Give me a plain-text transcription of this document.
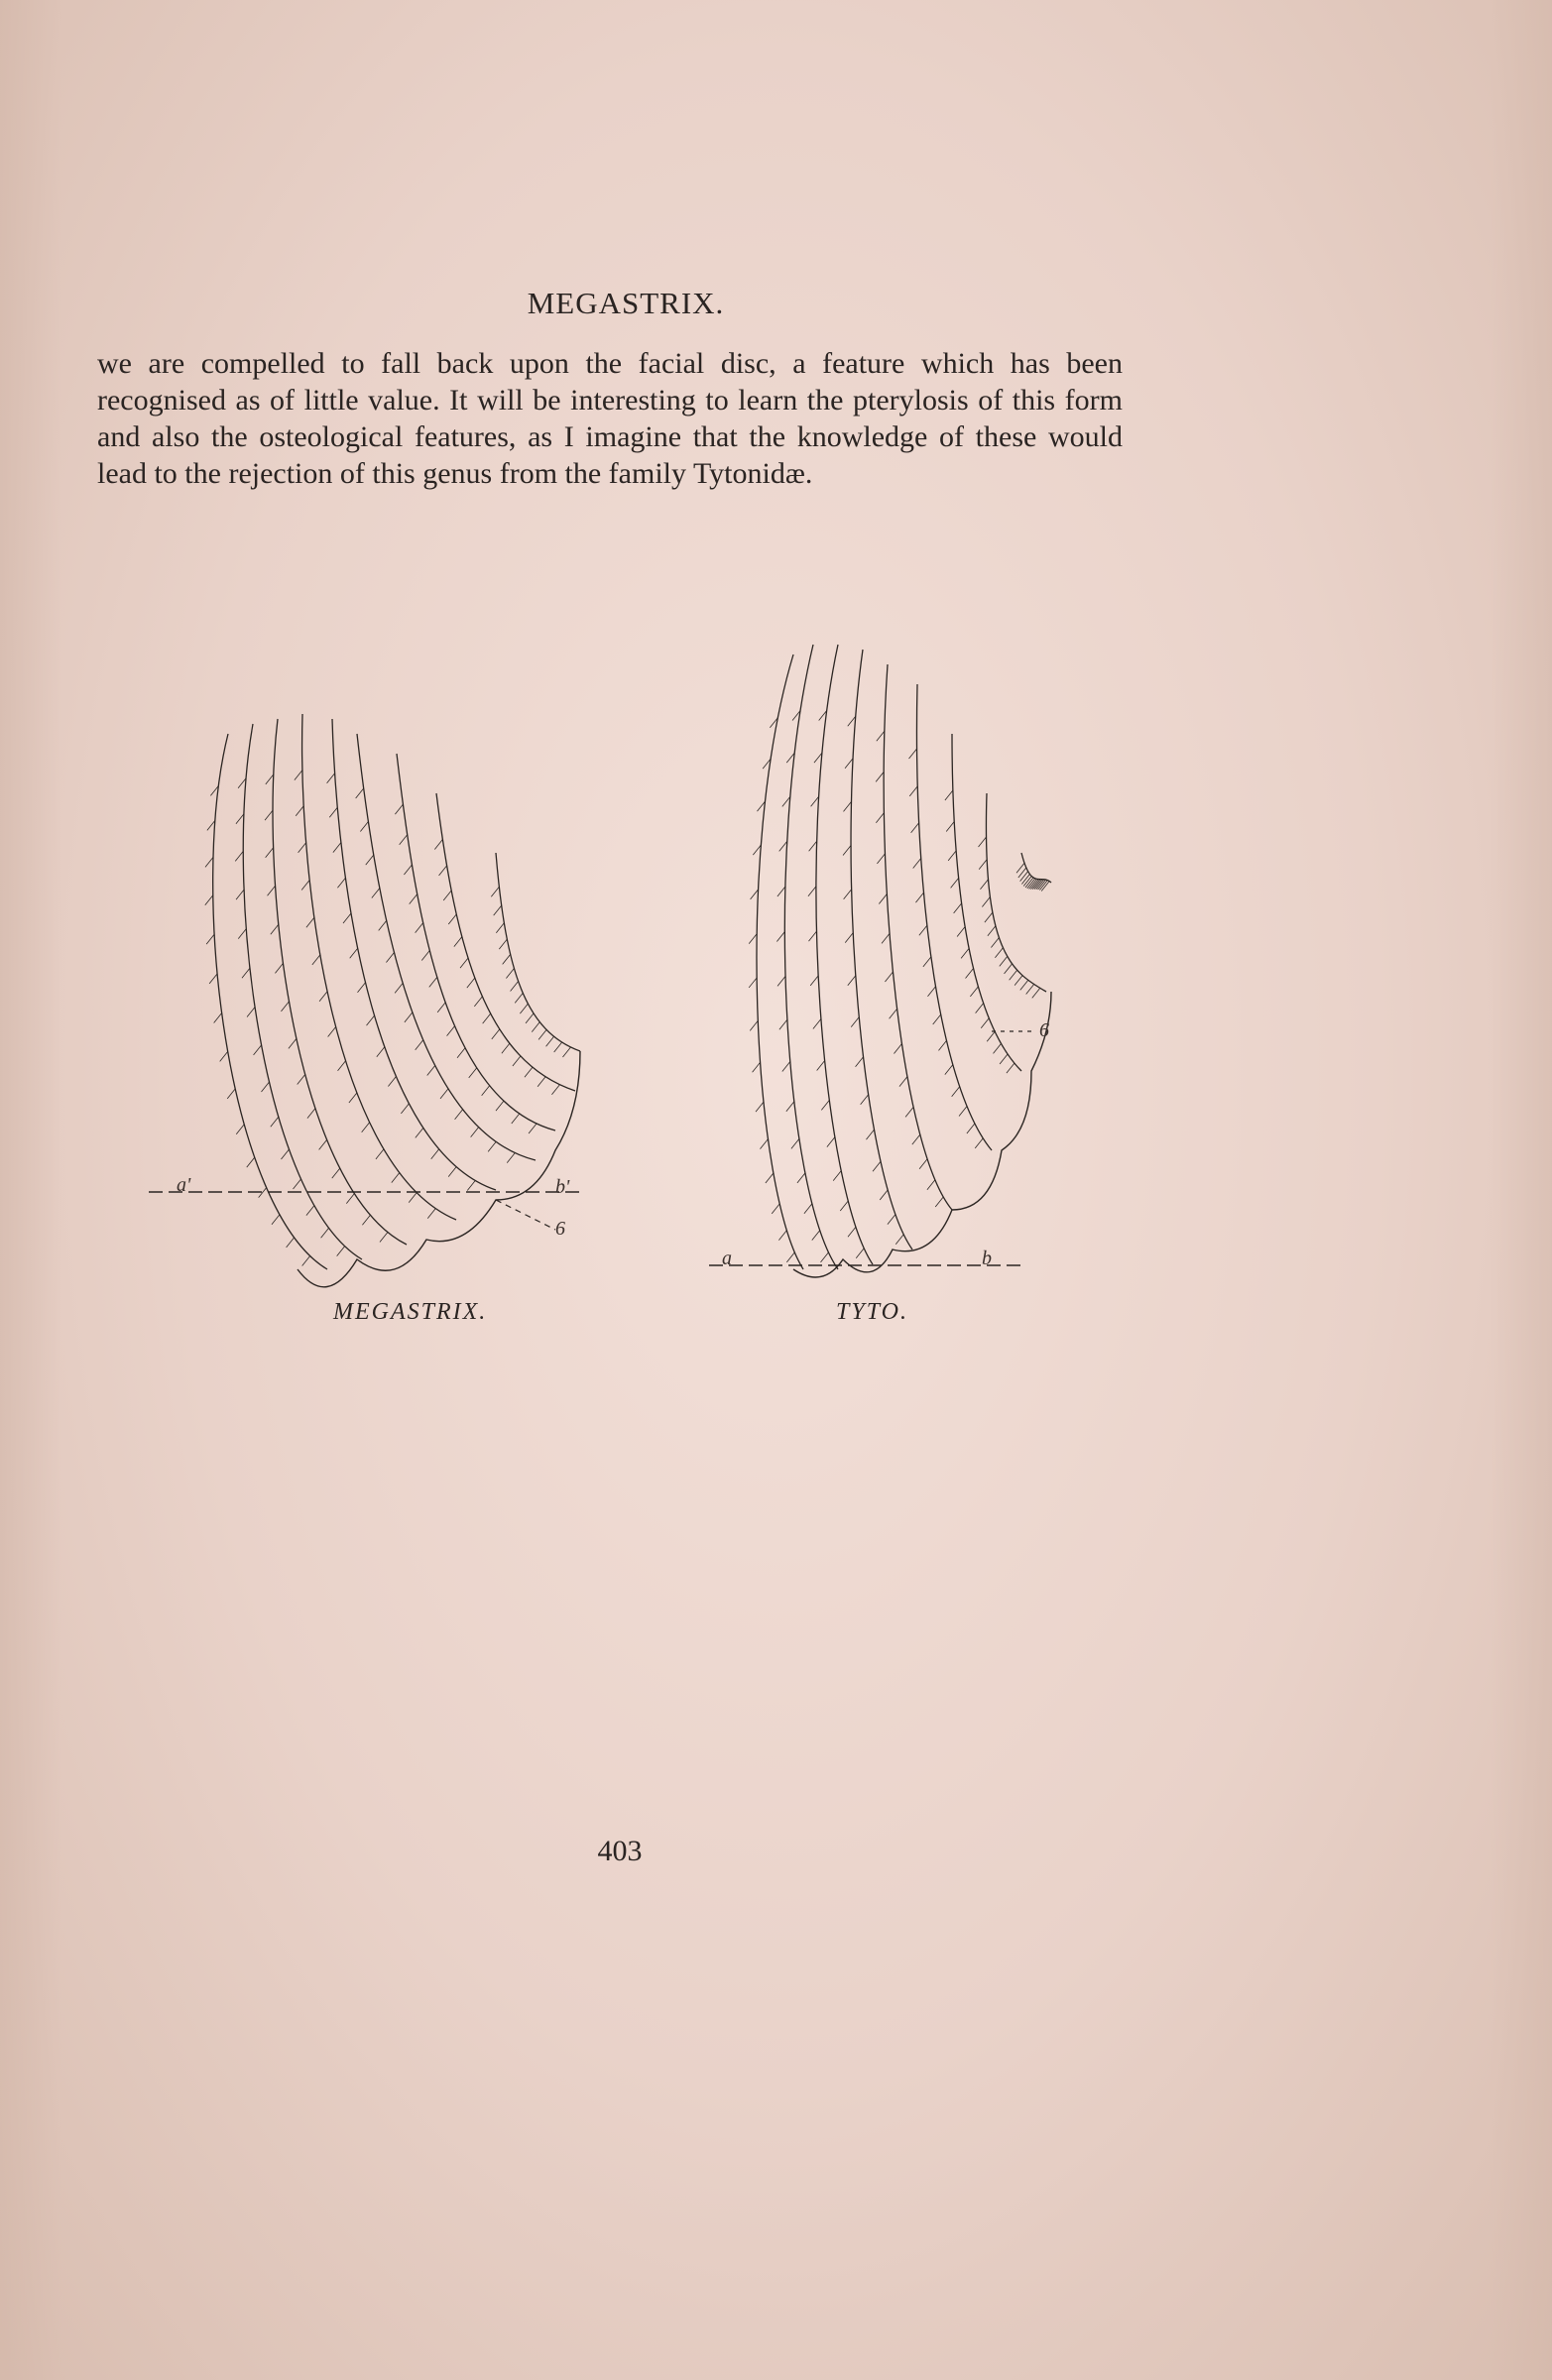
MEGASTRIX.
we are compelled to fall back upon the facial disc, a feature which has been recognised as of little value. It will be interesting to learn the pterylosis of this form and also the osteological features, as I imagine that the knowledge of these would lead to the rejection of this genus from the family Tytonidæ.
a'	b'
6
MEGASTRIX.
a	b
6
TYTO.
403
